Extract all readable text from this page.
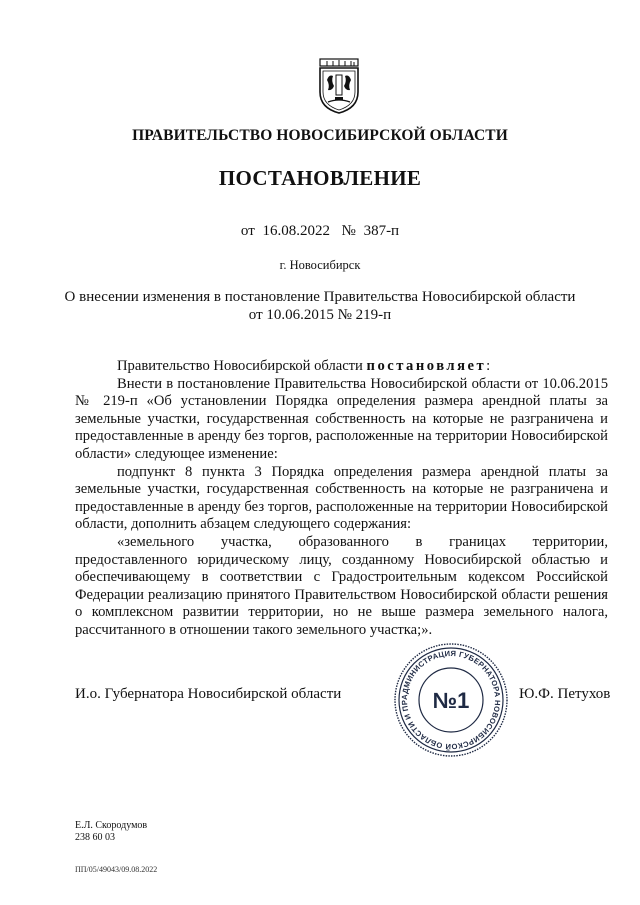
ПРАВИТЕЛЬСТВО НОВОСИБИРСКОЙ ОБЛАСТИ
ПОСТАНОВЛЕНИЕ
от 16.08.2022 № 387-п
г. Новосибирск
О внесении изменения в постановление Правительства Новосибирской области
от 10.06.2015 № 219-п

Правительство Новосибирской области постановляет:

Внести в постановление Правительства Новосибирской области от 10.06.2015 № 219-п «Об установлении Порядка определения размера арендной платы за земельные участки, государственная собственность на которые не разграничена и предоставленные в аренду без торгов, расположенные на территории Новосибирской области» следующее изменение:

подпункт 8 пункта 3 Порядка определения размера арендной платы за земельные участки, государственная собственность на которые не разграничена и предоставленные в аренду без торгов, расположенные на территории Новосибирской области, дополнить абзацем следующего содержания:

«земельного участка, образованного в границах территории, предоставленного юридическому лицу, созданному Новосибирской областью и обеспечивающему в соответствии с Градостроительным кодексом Российской Федерации реализацию принятого Правительством Новосибирской области решения о комплексном развитии территории, но не выше размера земельного налога, рассчитанного в отношении такого земельного участка;».

И.о. Губернатора Новосибирской области	Ю.Ф. Петухов
АДМИНИСТРАЦИЯ ГУБЕРНАТОРА НОВОСИБИРСКОЙ ОБЛАСТИ И ПР	№1
Е.Л. Скородумов
238 60 03
ПП/05/49043/09.08.2022
